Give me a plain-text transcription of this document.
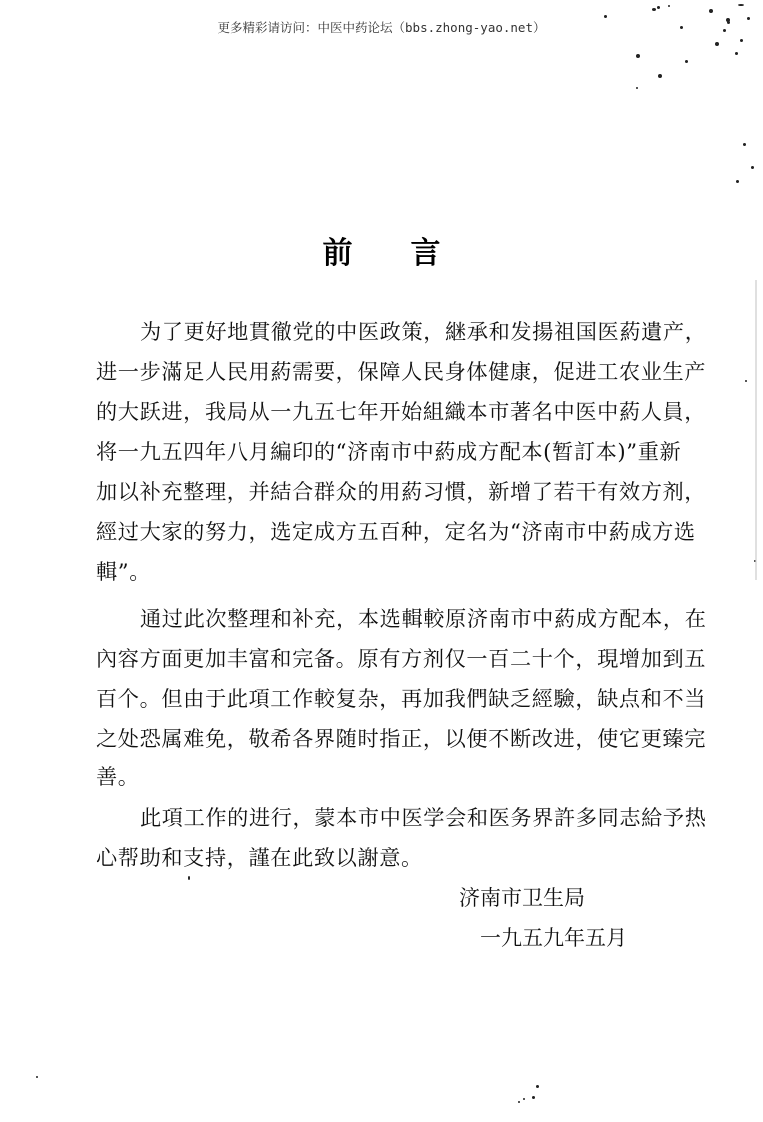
更多精彩请访问：中医中药论坛（bbs.zhong-yao.net）
前 言
为了更好地貫徹党的中医政策，継承和发揚祖国医葯遺产，
进一步滿足人民用葯需要，保障人民身体健康，促进工农业生产
的大跃进，我局从一九五七年开始組織本市著名中医中葯人員，
将一九五四年八月編印的“济南市中葯成方配本(暂訂本)”重新
加以补充整理，并結合群众的用葯习慣，新增了若干有效方剂，
經过大家的努力，选定成方五百种，定名为“济南市中葯成方选
輯”。
通过此次整理和补充，本选輯較原济南市中葯成方配本，在
內容方面更加丰富和完备。原有方剂仅一百二十个，現增加到五
百个。但由于此項工作較复杂，再加我們缺乏經驗，缺点和不当
之处恐属难免，敬希各界随时指正，以便不断改进，使它更臻完
善。
此項工作的进行，蒙本市中医学会和医务界許多同志給予热
心帮助和支持，謹在此致以謝意。
济南市卫生局
一九五九年五月
